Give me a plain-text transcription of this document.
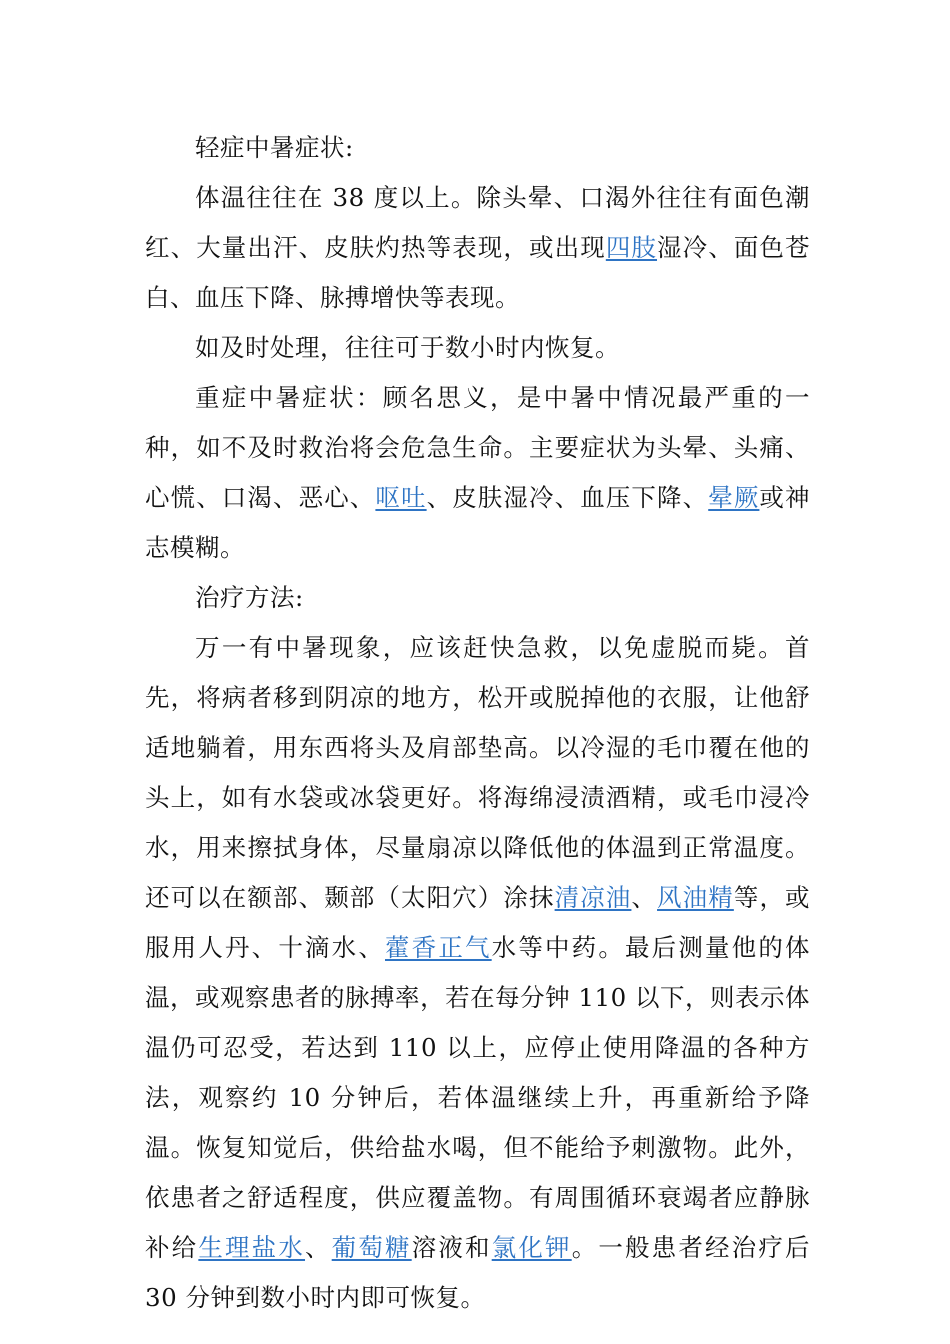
轻症中暑症状:

体温往往在 38 度以上。除头晕、口渴外往往有面色潮红、大量出汗、皮肤灼热等表现，或出现四肢湿冷、面色苍白、血压下降、脉搏增快等表现。

如及时处理，往往可于数小时内恢复。

重症中暑症状：顾名思义，是中暑中情况最严重的一种，如不及时救治将会危急生命。主要症状为头晕、头痛、心慌、口渴、恶心、呕吐、皮肤湿冷、血压下降、晕厥或神志模糊。

治疗方法:

万一有中暑现象，应该赶快急救，以免虚脱而毙。首先，将病者移到阴凉的地方，松开或脱掉他的衣服，让他舒适地躺着，用东西将头及肩部垫高。以冷湿的毛巾覆在他的头上，如有水袋或冰袋更好。将海绵浸渍酒精，或毛巾浸冷水，用来擦拭身体，尽量扇凉以降低他的体温到正常温度。还可以在额部、颞部（太阳穴）涂抹清凉油、风油精等，或服用人丹、十滴水、藿香正气水等中药。最后测量他的体温，或观察患者的脉搏率，若在每分钟 110 以下，则表示体温仍可忍受，若达到 110 以上，应停止使用降温的各种方法，观察约 10 分钟后，若体温继续上升，再重新给予降温。恢复知觉后，供给盐水喝，但不能给予刺激物。此外，依患者之舒适程度，供应覆盖物。有周围循环衰竭者应静脉补给生理盐水、葡萄糖溶液和氯化钾。一般患者经治疗后 30 分钟到数小时内即可恢复。
